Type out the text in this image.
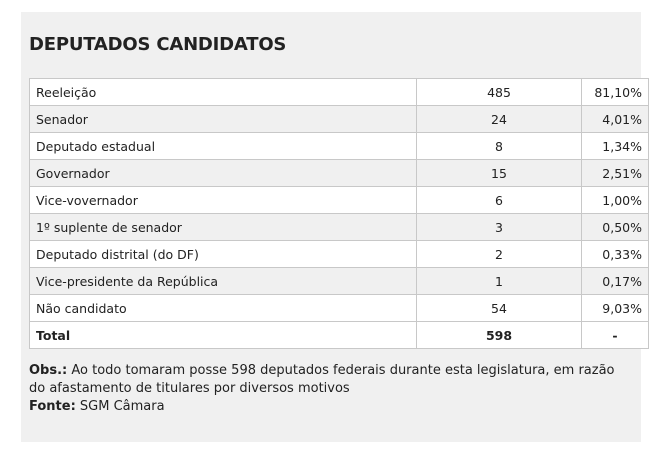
DEPUTADOS CANDIDATOS
Reeleição	485	81,10%
Senador	24	4,01%
Deputado estadual	8	1,34%
Governador	15	2,51%
Vice-vovernador	6	1,00%
1º suplente de senador	3	0,50%
Deputado distrital (do DF)	2	0,33%
Vice-presidente da República	1	0,17%
Não candidato	54	9,03%
Total	598	-

Obs.: Ao todo tomaram posse 598 deputados federais durante esta legislatura, em razão do afastamento de titulares por diversos motivos

Fonte: SGM Câmara
